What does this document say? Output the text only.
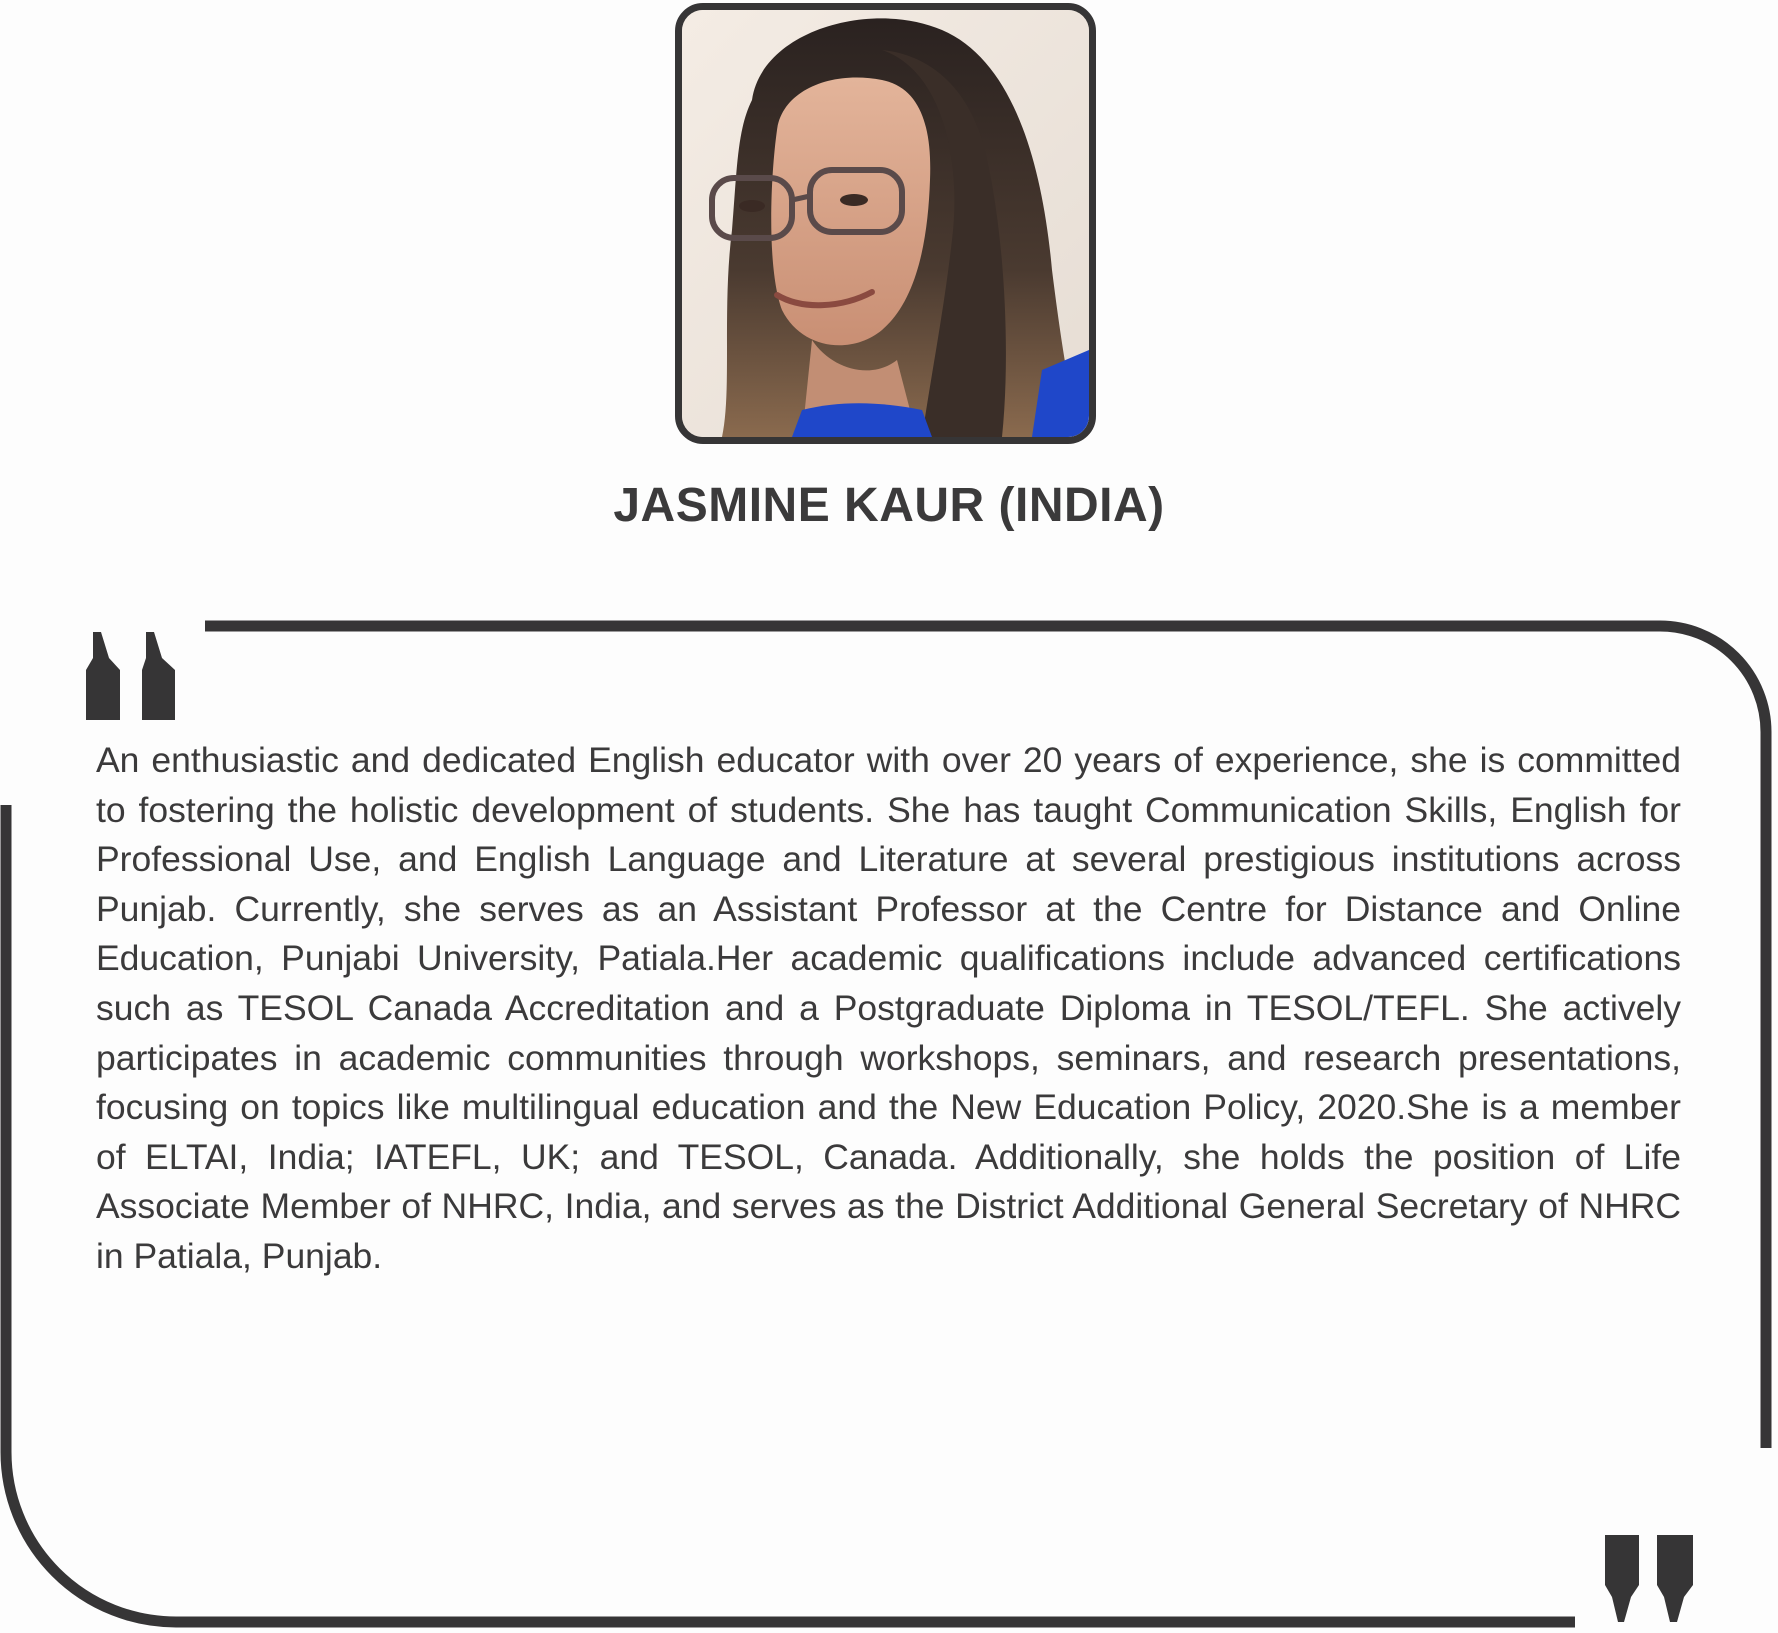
JASMINE KAUR (INDIA)

An enthusiastic and dedicated English educator with over 20 years of experience, she is committed to fostering the holistic development of students. She has taught Communication Skills, English for Professional Use, and English Language and Literature at several prestigious institutions across Punjab. Currently, she serves as an Assistant Professor at the Centre for Distance and Online Education, Punjabi University, Patiala.Her academic qualifications include advanced certifications such as TESOL Canada Accreditation and a Postgraduate Diploma in TESOL/TEFL. She actively participates in academic communities through workshops, seminars, and research presentations, focusing on topics like multilingual education and the New Education Policy, 2020.She is a member of ELTAI, India; IATEFL, UK; and TESOL, Canada. Additionally, she holds the position of Life Associate Member of NHRC, India, and serves as the District Additional General Secretary of NHRC in Patiala, Punjab.
